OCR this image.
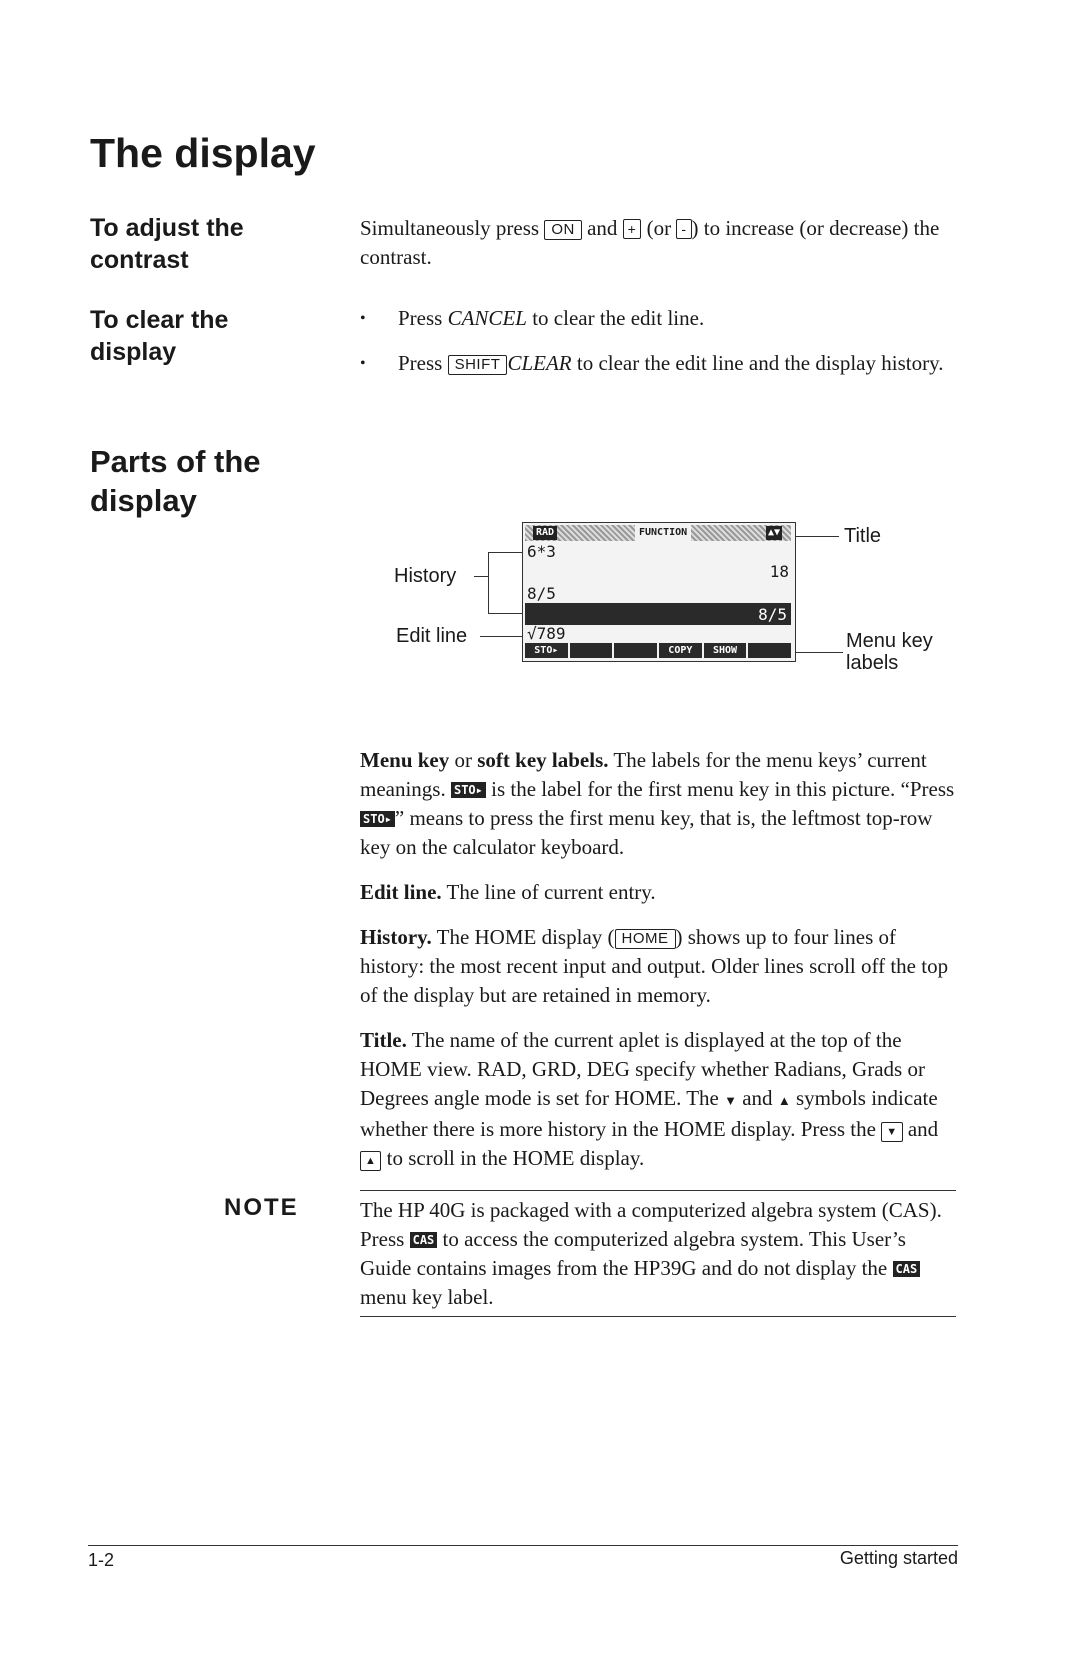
The display
To adjust the
contrast
Simultaneously press ON and + (or - ) to increase (or decrease) the contrast.
To clear the
display
• Press CANCEL to clear the edit line.
• Press SHIFT CLEAR to clear the edit line and the display history.
Parts of the
display
RAD	FUNCTION	▲▼
6*3
18
8/5
8/5
√789
STO▸	COPY	SHOW
History
Edit line
Title
Menu key
labels

Menu key or soft key labels. The labels for the menu keys’ current meanings. STO▸ is the label for the first menu key in this picture. “Press STO▸ ” means to press the first menu key, that is, the leftmost top-row key on the calculator keyboard.

Edit line. The line of current entry.

History. The HOME display ( HOME ) shows up to four lines of history: the most recent input and output. Older lines scroll off the top of the display but are retained in memory.

Title. The name of the current aplet is displayed at the top of the HOME view. RAD, GRD, DEG specify whether Radians, Grads or Degrees angle mode is set for HOME. The ▼ and ▲ symbols indicate whether there is more history in the HOME display. Press the ▼ and ▲ to scroll in the HOME display.

NOTE	The HP 40G is packaged with a computerized algebra system (CAS). Press CAS to access the computerized algebra system. This User’s Guide contains images from the HP39G and do not display the CAS menu key label.
1-2	Getting started
